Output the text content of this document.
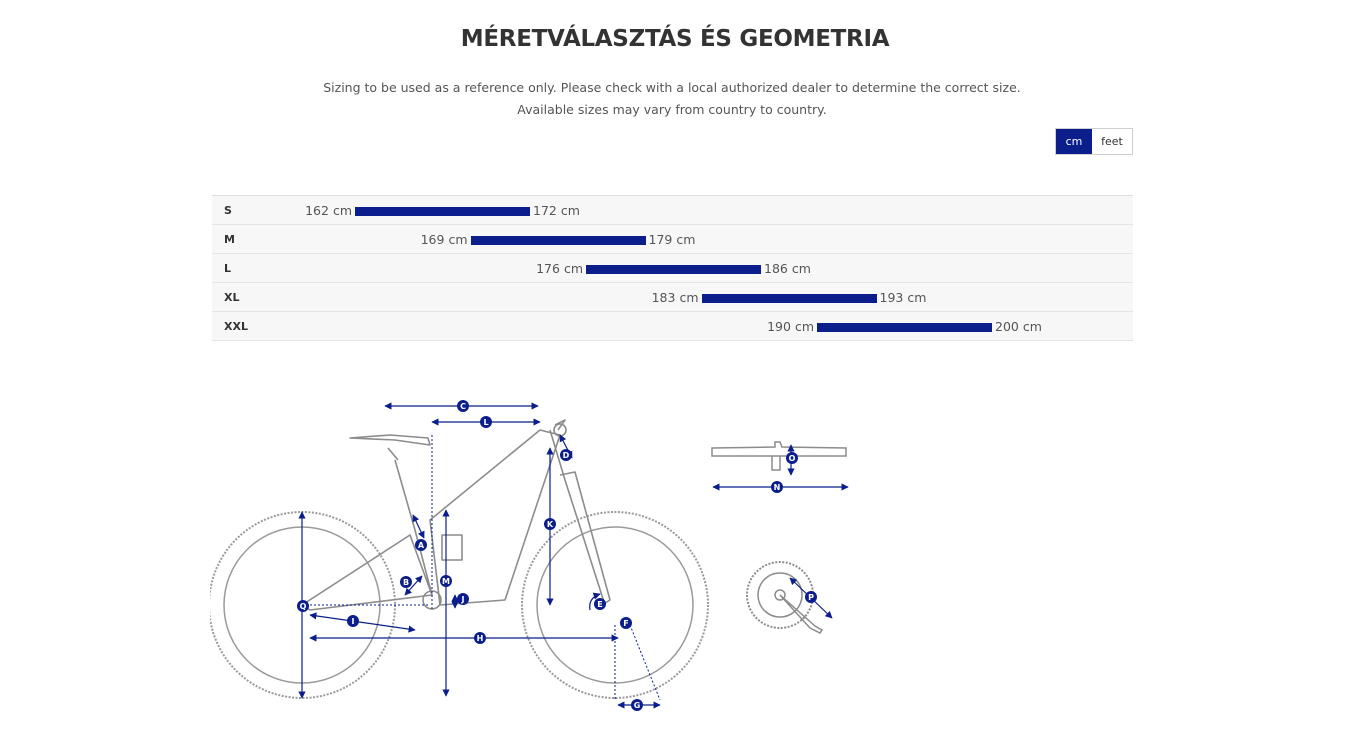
MÉRETVÁLASZTÁS ÉS GEOMETRIA
Sizing to be used as a reference only. Please check with a local authorized dealer to determine the correct size.
Available sizes may vary from country to country.
cm	feet
S	162 cm	172 cm
M	169 cm	179 cm
L	176 cm	186 cm
XL	183 cm	193 cm
XXL	190 cm	200 cm
C
L
D
K
A
B	M
J
Q
I
H
E
F
G
O
N
P
